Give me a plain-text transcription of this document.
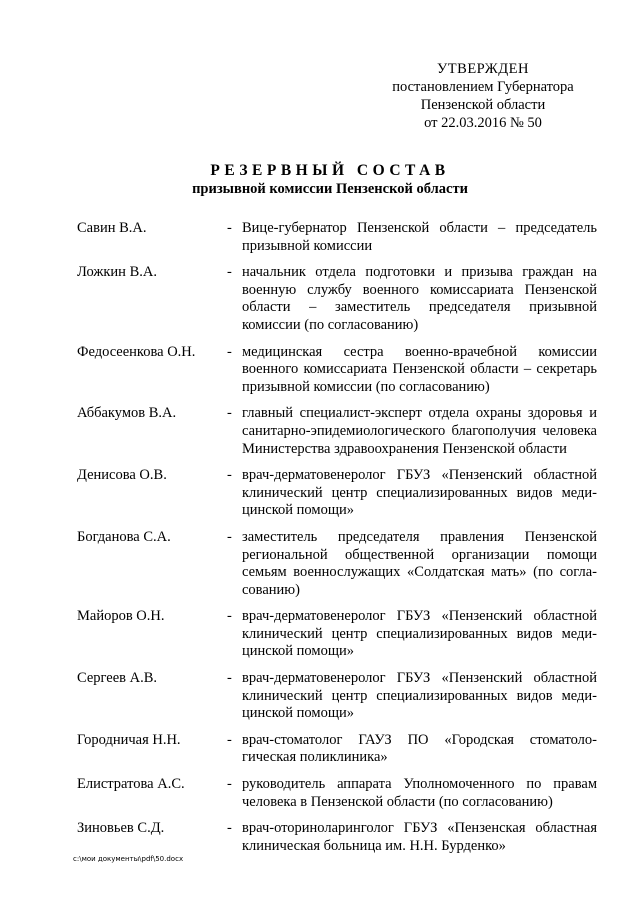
УТВЕРЖДЕН
постановлением Губернатора
Пензенской области
от 22.03.2016 № 50
РЕЗЕРВНЫЙ СОСТАВ
призывной комиссии Пензенской области
Савин В.А.	- Вице-губернатор Пензенской области – председатель призывной комиссии
Ложкин В.А.	- начальник отдела подготовки и призыва граждан на военную службу военного комиссариата Пензенской области – заместитель председателя призывной комиссии (по согласованию)
Федосеенкова О.Н.	- медицинская сестра военно-врачебной комиссии военного комиссариата Пензенской области – секретарь призывной комиссии (по согласованию)
Аббакумов В.А.	- главный специалист-эксперт отдела охраны здоровья и санитарно-эпидемиологического благополучия человека Министерства здравоохранения Пензенской области
Денисова О.В.	- врач-дерматовенеролог ГБУЗ «Пензенский областной клинический центр специализированных видов меди-цинской помощи»
Богданова С.А.	- заместитель председателя правления Пензенской региональной общественной организации помощи семьям военнослужащих «Солдатская мать» (по согла-сованию)
Майоров О.Н.	- врач-дерматовенеролог ГБУЗ «Пензенский областной клинический центр специализированных видов меди-цинской помощи»
Сергеев А.В.	- врач-дерматовенеролог ГБУЗ «Пензенский областной клинический центр специализированных видов меди-цинской помощи»
Городничая Н.Н.	- врач-стоматолог ГАУЗ ПО «Городская стоматоло-гическая поликлиника»
Елистратова А.С.	- руководитель аппарата Уполномоченного по правам человека в Пензенской области (по согласованию)
Зиновьев С.Д.	- врач-оториноларинголог ГБУЗ «Пензенская областная клиническая больница им. Н.Н. Бурденко»
c:\мои документы\pdf\50.docx
